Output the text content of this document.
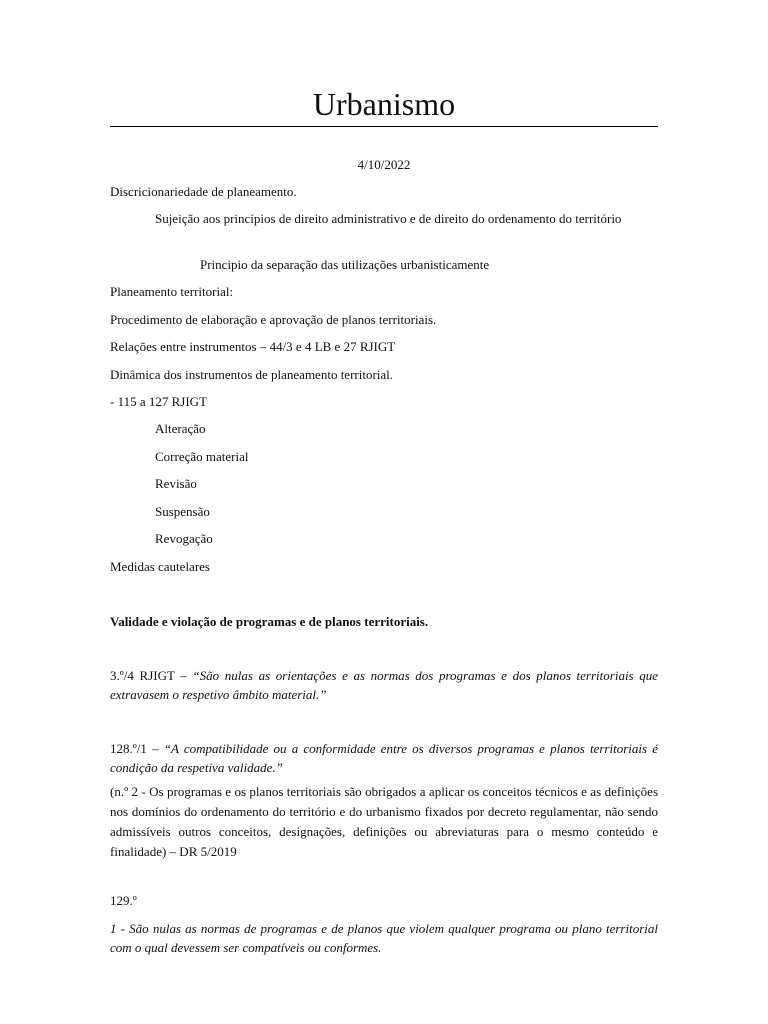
Urbanismo

4/10/2022

Discricionariedade de planeamento.

Sujeição aos princípios de direito administrativo e de direito do ordenamento do território

Principio da separação das utilizações urbanisticamente

Planeamento territorial:

Procedimento de elaboração e aprovação de planos territoriais.

Relações entre instrumentos – 44/3 e 4 LB e 27 RJIGT

Dinâmica dos instrumentos de planeamento territorial.

- 115 a 127 RJIGT

Alteração

Correção material

Revisão

Suspensão

Revogação

Medidas cautelares

Validade e violação de programas e de planos territoriais.

3.º/4 RJIGT – “São nulas as orientações e as normas dos programas e dos planos territoriais que extravasem o respetivo âmbito material.”

128.º/1 – “A compatibilidade ou a conformidade entre os diversos programas e planos territoriais é condição da respetiva validade.”

(n.º 2 - Os programas e os planos territoriais são obrigados a aplicar os conceitos técnicos e as definições nos domínios do ordenamento do território e do urbanismo fixados por decreto regulamentar, não sendo admissíveis outros conceitos, designações, definições ou abreviaturas para o mesmo conteúdo e finalidade) – DR 5/2019

129.º

1 - São nulas as normas de programas e de planos que violem qualquer programa ou plano territorial com o qual devessem ser compatíveis ou conformes.
